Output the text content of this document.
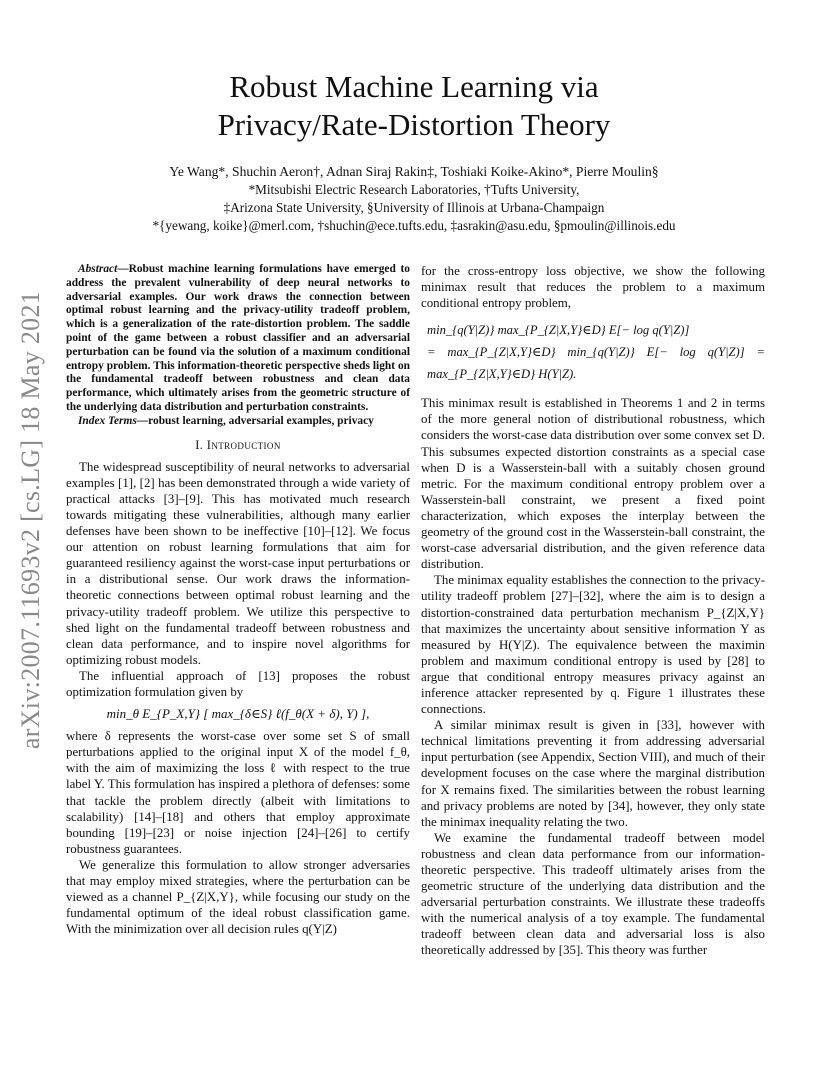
arXiv:2007.11693v2 [cs.LG] 18 May 2021
Robust Machine Learning via
Privacy/Rate-Distortion Theory
Ye Wang*, Shuchin Aeron†, Adnan Siraj Rakin‡, Toshiaki Koike-Akino*, Pierre Moulin§
*Mitsubishi Electric Research Laboratories, †Tufts University,
‡Arizona State University, §University of Illinois at Urbana-Champaign
*{yewang, koike}@merl.com, †shuchin@ece.tufts.edu, ‡asrakin@asu.edu, §pmoulin@illinois.edu

Abstract—Robust machine learning formulations have emerged to address the prevalent vulnerability of deep neural networks to adversarial examples. Our work draws the connection between optimal robust learning and the privacy-utility tradeoff problem, which is a generalization of the rate-distortion problem. The saddle point of the game between a robust classifier and an adversarial perturbation can be found via the solution of a maximum conditional entropy problem. This information-theoretic perspective sheds light on the fundamental tradeoff between robustness and clean data performance, which ultimately arises from the geometric structure of the underlying data distribution and perturbation constraints.

Index Terms—robust learning, adversarial examples, privacy

I. Introduction

The widespread susceptibility of neural networks to adversarial examples [1], [2] has been demonstrated through a wide variety of practical attacks [3]–[9]. This has motivated much research towards mitigating these vulnerabilities, although many earlier defenses have been shown to be ineffective [10]–[12]. We focus our attention on robust learning formulations that aim for guaranteed resiliency against the worst-case input perturbations or in a distributional sense. Our work draws the information-theoretic connections between optimal robust learning and the privacy-utility tradeoff problem. We utilize this perspective to shed light on the fundamental tradeoff between robustness and clean data performance, and to inspire novel algorithms for optimizing robust models.

The influential approach of [13] proposes the robust optimization formulation given by

min_θ E_{P_X,Y} [ max_{δ∈S} ℓ(f_θ(X + δ), Y) ],

where δ represents the worst-case over some set S of small perturbations applied to the original input X of the model f_θ, with the aim of maximizing the loss ℓ with respect to the true label Y. This formulation has inspired a plethora of defenses: some that tackle the problem directly (albeit with limitations to scalability) [14]–[18] and others that employ approximate bounding [19]–[23] or noise injection [24]–[26] to certify robustness guarantees.

We generalize this formulation to allow stronger adversaries that may employ mixed strategies, where the perturbation can be viewed as a channel P_{Z|X,Y}, while focusing our study on the fundamental optimum of the ideal robust classification game. With the minimization over all decision rules q(Y|Z)

for the cross-entropy loss objective, we show the following minimax result that reduces the problem to a maximum conditional entropy problem,

min_{q(Y|Z)} max_{P_{Z|X,Y}∈D} E[− log q(Y|Z)]
= max_{P_{Z|X,Y}∈D} min_{q(Y|Z)} E[− log q(Y|Z)] = max_{P_{Z|X,Y}∈D} H(Y|Z).

This minimax result is established in Theorems 1 and 2 in terms of the more general notion of distributional robustness, which considers the worst-case data distribution over some convex set D. This subsumes expected distortion constraints as a special case when D is a Wasserstein-ball with a suitably chosen ground metric. For the maximum conditional entropy problem over a Wasserstein-ball constraint, we present a fixed point characterization, which exposes the interplay between the geometry of the ground cost in the Wasserstein-ball constraint, the worst-case adversarial distribution, and the given reference data distribution.

The minimax equality establishes the connection to the privacy-utility tradeoff problem [27]–[32], where the aim is to design a distortion-constrained data perturbation mechanism P_{Z|X,Y} that maximizes the uncertainty about sensitive information Y as measured by H(Y|Z). The equivalence between the maximin problem and maximum conditional entropy is used by [28] to argue that conditional entropy measures privacy against an inference attacker represented by q. Figure 1 illustrates these connections.

A similar minimax result is given in [33], however with technical limitations preventing it from addressing adversarial input perturbation (see Appendix, Section VIII), and much of their development focuses on the case where the marginal distribution for X remains fixed. The similarities between the robust learning and privacy problems are noted by [34], however, they only state the minimax inequality relating the two.

We examine the fundamental tradeoff between model robustness and clean data performance from our information-theoretic perspective. This tradeoff ultimately arises from the geometric structure of the underlying data distribution and the adversarial perturbation constraints. We illustrate these tradeoffs with the numerical analysis of a toy example. The fundamental tradeoff between clean data and adversarial loss is also theoretically addressed by [35]. This theory was further
